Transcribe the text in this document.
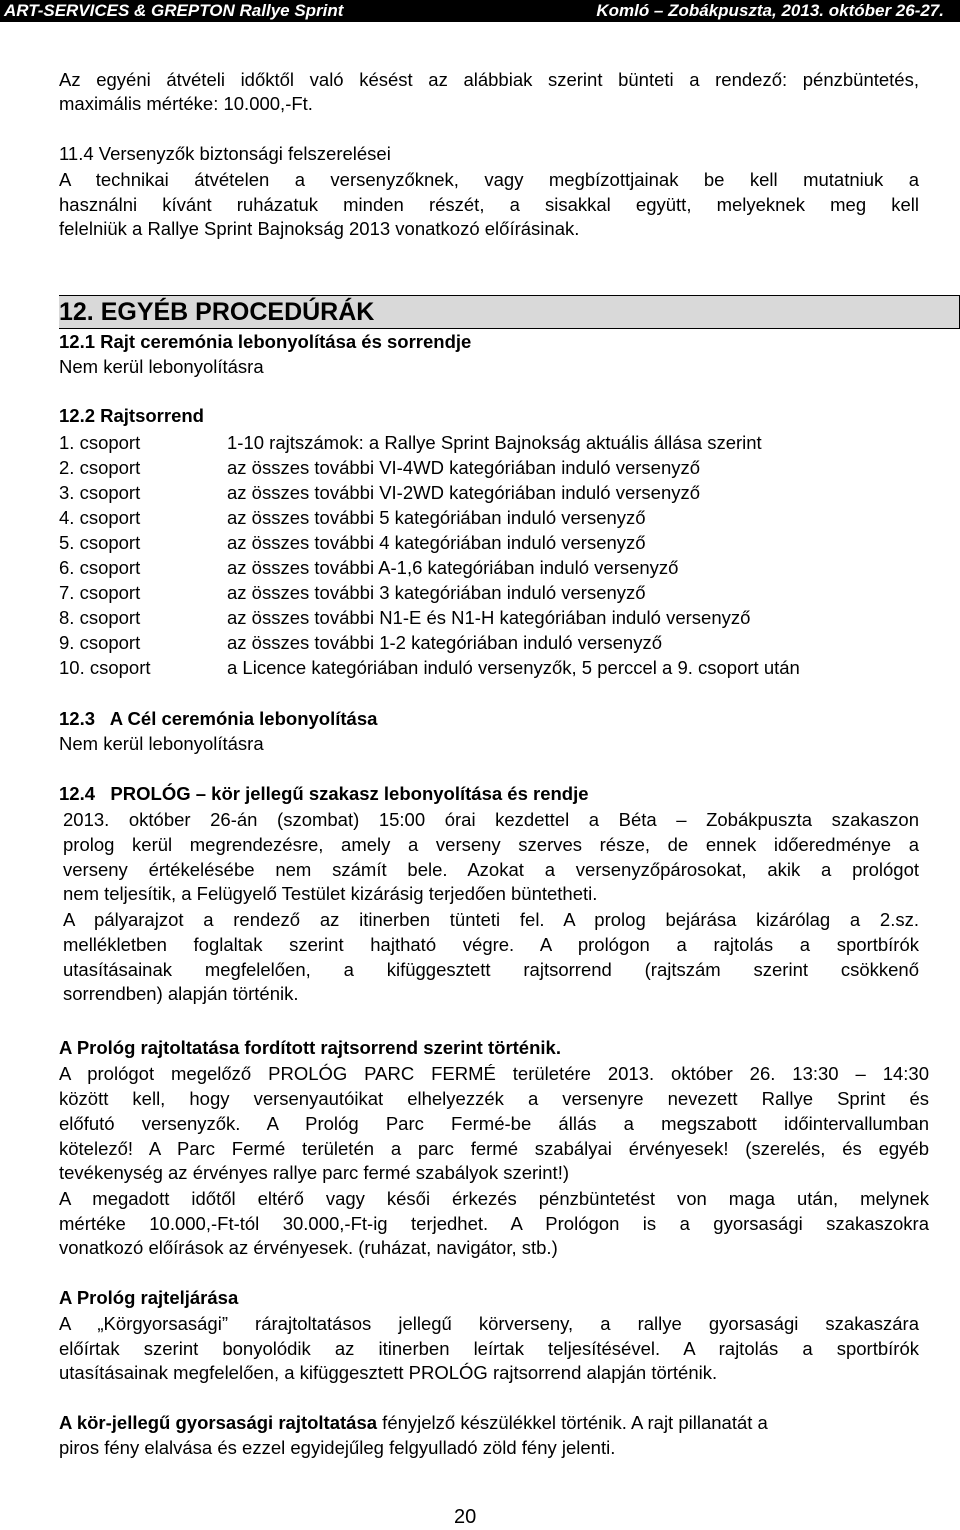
ART-SERVICES & GREPTON Rallye Sprint	Komló – Zobákpuszta, 2013. október 26-27.
Az egyéni átvételi időktől való késést az alábbiak szerint bünteti a rendező: pénzbüntetés,
maximális mértéke: 10.000,-Ft.
11.4 Versenyzők biztonsági felszerelései
A technikai átvételen a versenyzőknek, vagy megbízottjainak be kell mutatniuk a
használni kívánt ruházatuk minden részét, a sisakkal együtt, melyeknek meg kell
felelniük a Rallye Sprint Bajnokság 2013 vonatkozó előírásinak.
12. EGYÉB PROCEDÚRÁK
12.1 Rajt ceremónia lebonyolítása és sorrendje
Nem kerül lebonyolításra
12.2 Rajtsorrend
1. csoport	1-10 rajtszámok: a Rallye Sprint Bajnokság aktuális állása szerint
2. csoport	az összes további VI-4WD kategóriában induló versenyző
3. csoport	az összes további VI-2WD kategóriában induló versenyző
4. csoport	az összes további 5 kategóriában induló versenyző
5. csoport	az összes további 4 kategóriában induló versenyző
6. csoport	az összes további A-1,6 kategóriában induló versenyző
7. csoport	az összes további 3 kategóriában induló versenyző
8. csoport	az összes további N1-E és N1-H kategóriában induló versenyző
9. csoport	az összes további 1-2 kategóriában induló versenyző
10. csoport	a Licence kategóriában induló versenyzők, 5 perccel a 9. csoport után
12.3   A Cél ceremónia lebonyolítása
Nem kerül lebonyolításra
12.4   PROLÓG – kör jellegű szakasz lebonyolítása és rendje
2013. október 26-án (szombat) 15:00 órai kezdettel a Béta – Zobákpuszta szakaszon
prolog kerül megrendezésre, amely a verseny szerves része, de ennek időeredménye a
verseny értékelésébe nem számít bele. Azokat a versenyzőpárosokat, akik a prológot
nem teljesítik, a Felügyelő Testület kizárásig terjedően büntetheti.
A pályarajzot a rendező az itinerben tünteti fel. A prolog bejárása kizárólag a 2.sz.
mellékletben foglaltak szerint hajtható végre. A prológon a rajtolás a sportbírók
utasításainak megfelelően, a kifüggesztett rajtsorrend (rajtszám szerint csökkenő
sorrendben) alapján történik.
A Prológ rajtoltatása fordított rajtsorrend szerint történik.
A prológot megelőző PROLÓG PARC FERMÉ területére 2013. október 26. 13:30 – 14:30
között kell, hogy versenyautóikat elhelyezzék a versenyre nevezett Rallye Sprint és
előfutó versenyzők. A Prológ Parc Fermé-be állás a megszabott időintervallumban
kötelező! A Parc Fermé területén a parc fermé szabályai érvényesek! (szerelés, és egyéb
tevékenység az érvényes rallye parc fermé szabályok szerint!)
A megadott időtől eltérő vagy késői érkezés pénzbüntetést von maga után, melynek
mértéke 10.000,-Ft-tól 30.000,-Ft-ig terjedhet. A Prológon is a gyorsasági szakaszokra
vonatkozó előírások az érvényesek. (ruházat, navigátor, stb.)
A Prológ rajteljárása
A „Körgyorsasági” rárajtoltatásos jellegű körverseny, a rallye gyorsasági szakaszára
előírtak szerint bonyolódik az itinerben leírtak teljesítésével. A rajtolás a sportbírók
utasításainak megfelelően, a kifüggesztett PROLÓG rajtsorrend alapján történik.
A kör-jellegű gyorsasági rajtoltatása fényjelző készülékkel történik. A rajt pillanatát a
piros fény elalvása és ezzel egyidejűleg felgyulladó zöld fény jelenti.
20
